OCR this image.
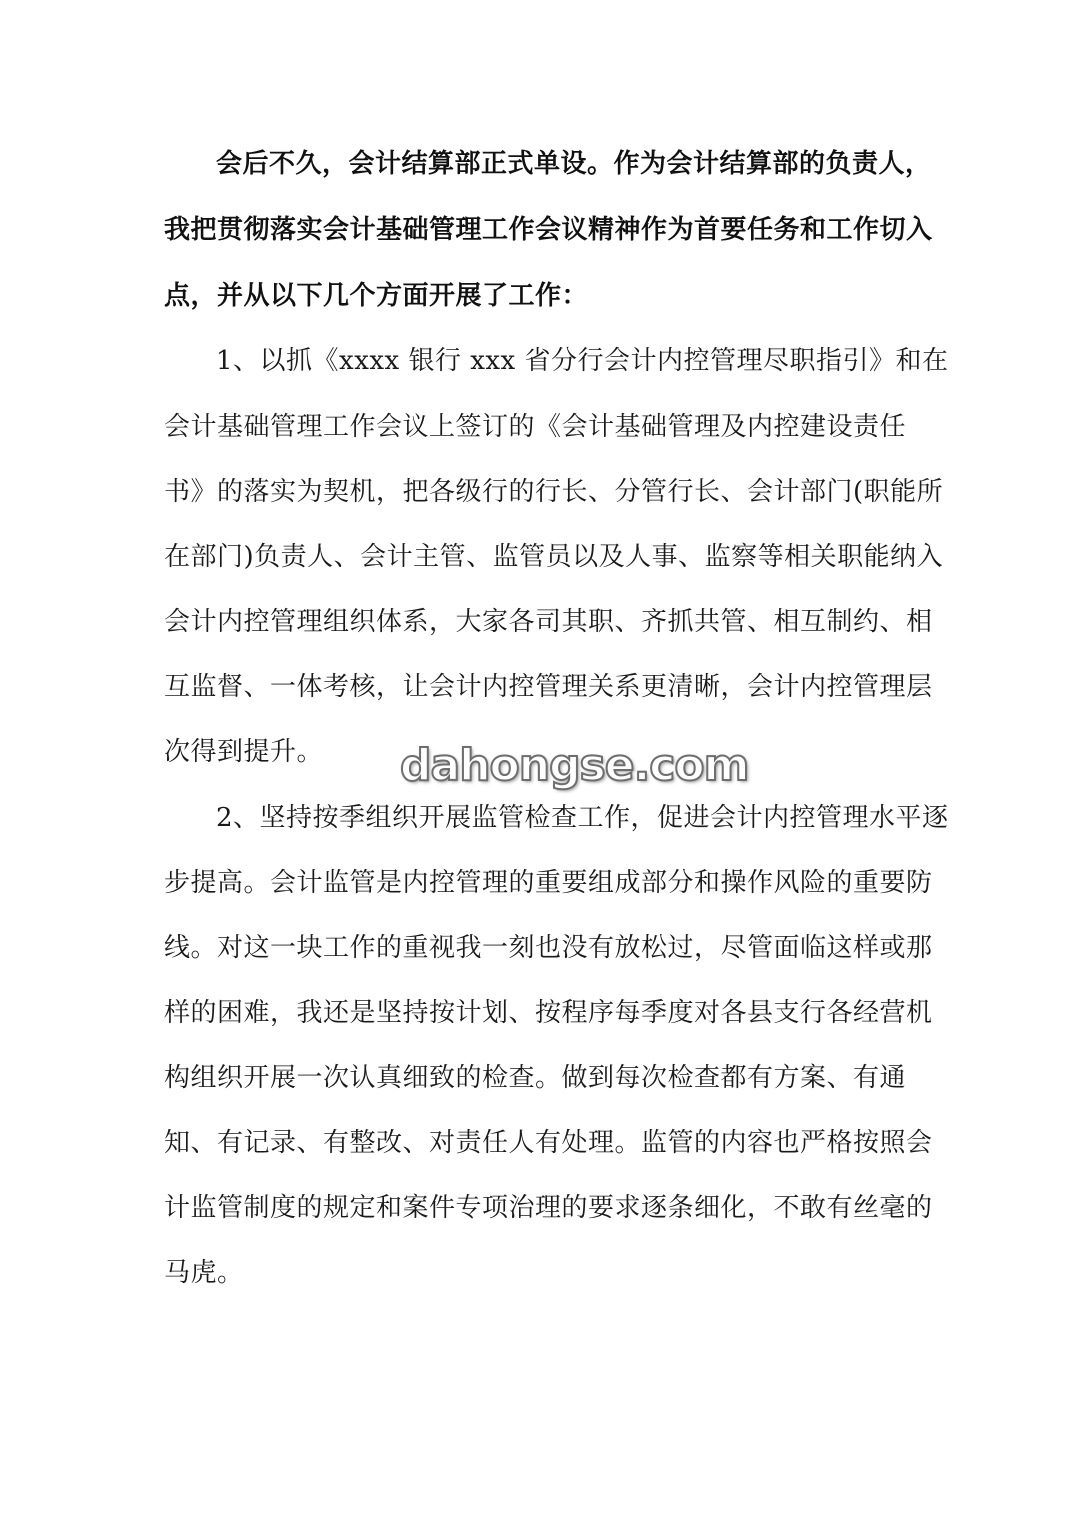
会后不久，会计结算部正式单设。作为会计结算部的负责人，
我把贯彻落实会计基础管理工作会议精神作为首要任务和工作切入
点，并从以下几个方面开展了工作：
1、以抓《xxxx 银行 xxx 省分行会计内控管理尽职指引》和在
会计基础管理工作会议上签订的《会计基础管理及内控建设责任
书》的落实为契机，把各级行的行长、分管行长、会计部门(职能所
在部门)负责人、会计主管、监管员以及人事、监察等相关职能纳入
会计内控管理组织体系，大家各司其职、齐抓共管、相互制约、相
互监督、一体考核，让会计内控管理关系更清晰，会计内控管理层
次得到提升。	dahongse.com
2、坚持按季组织开展监管检查工作，促进会计内控管理水平逐
步提高。会计监管是内控管理的重要组成部分和操作风险的重要防
线。对这一块工作的重视我一刻也没有放松过，尽管面临这样或那
样的困难，我还是坚持按计划、按程序每季度对各县支行各经营机
构组织开展一次认真细致的检查。做到每次检查都有方案、有通
知、有记录、有整改、对责任人有处理。监管的内容也严格按照会
计监管制度的规定和案件专项治理的要求逐条细化，不敢有丝毫的
马虎。
